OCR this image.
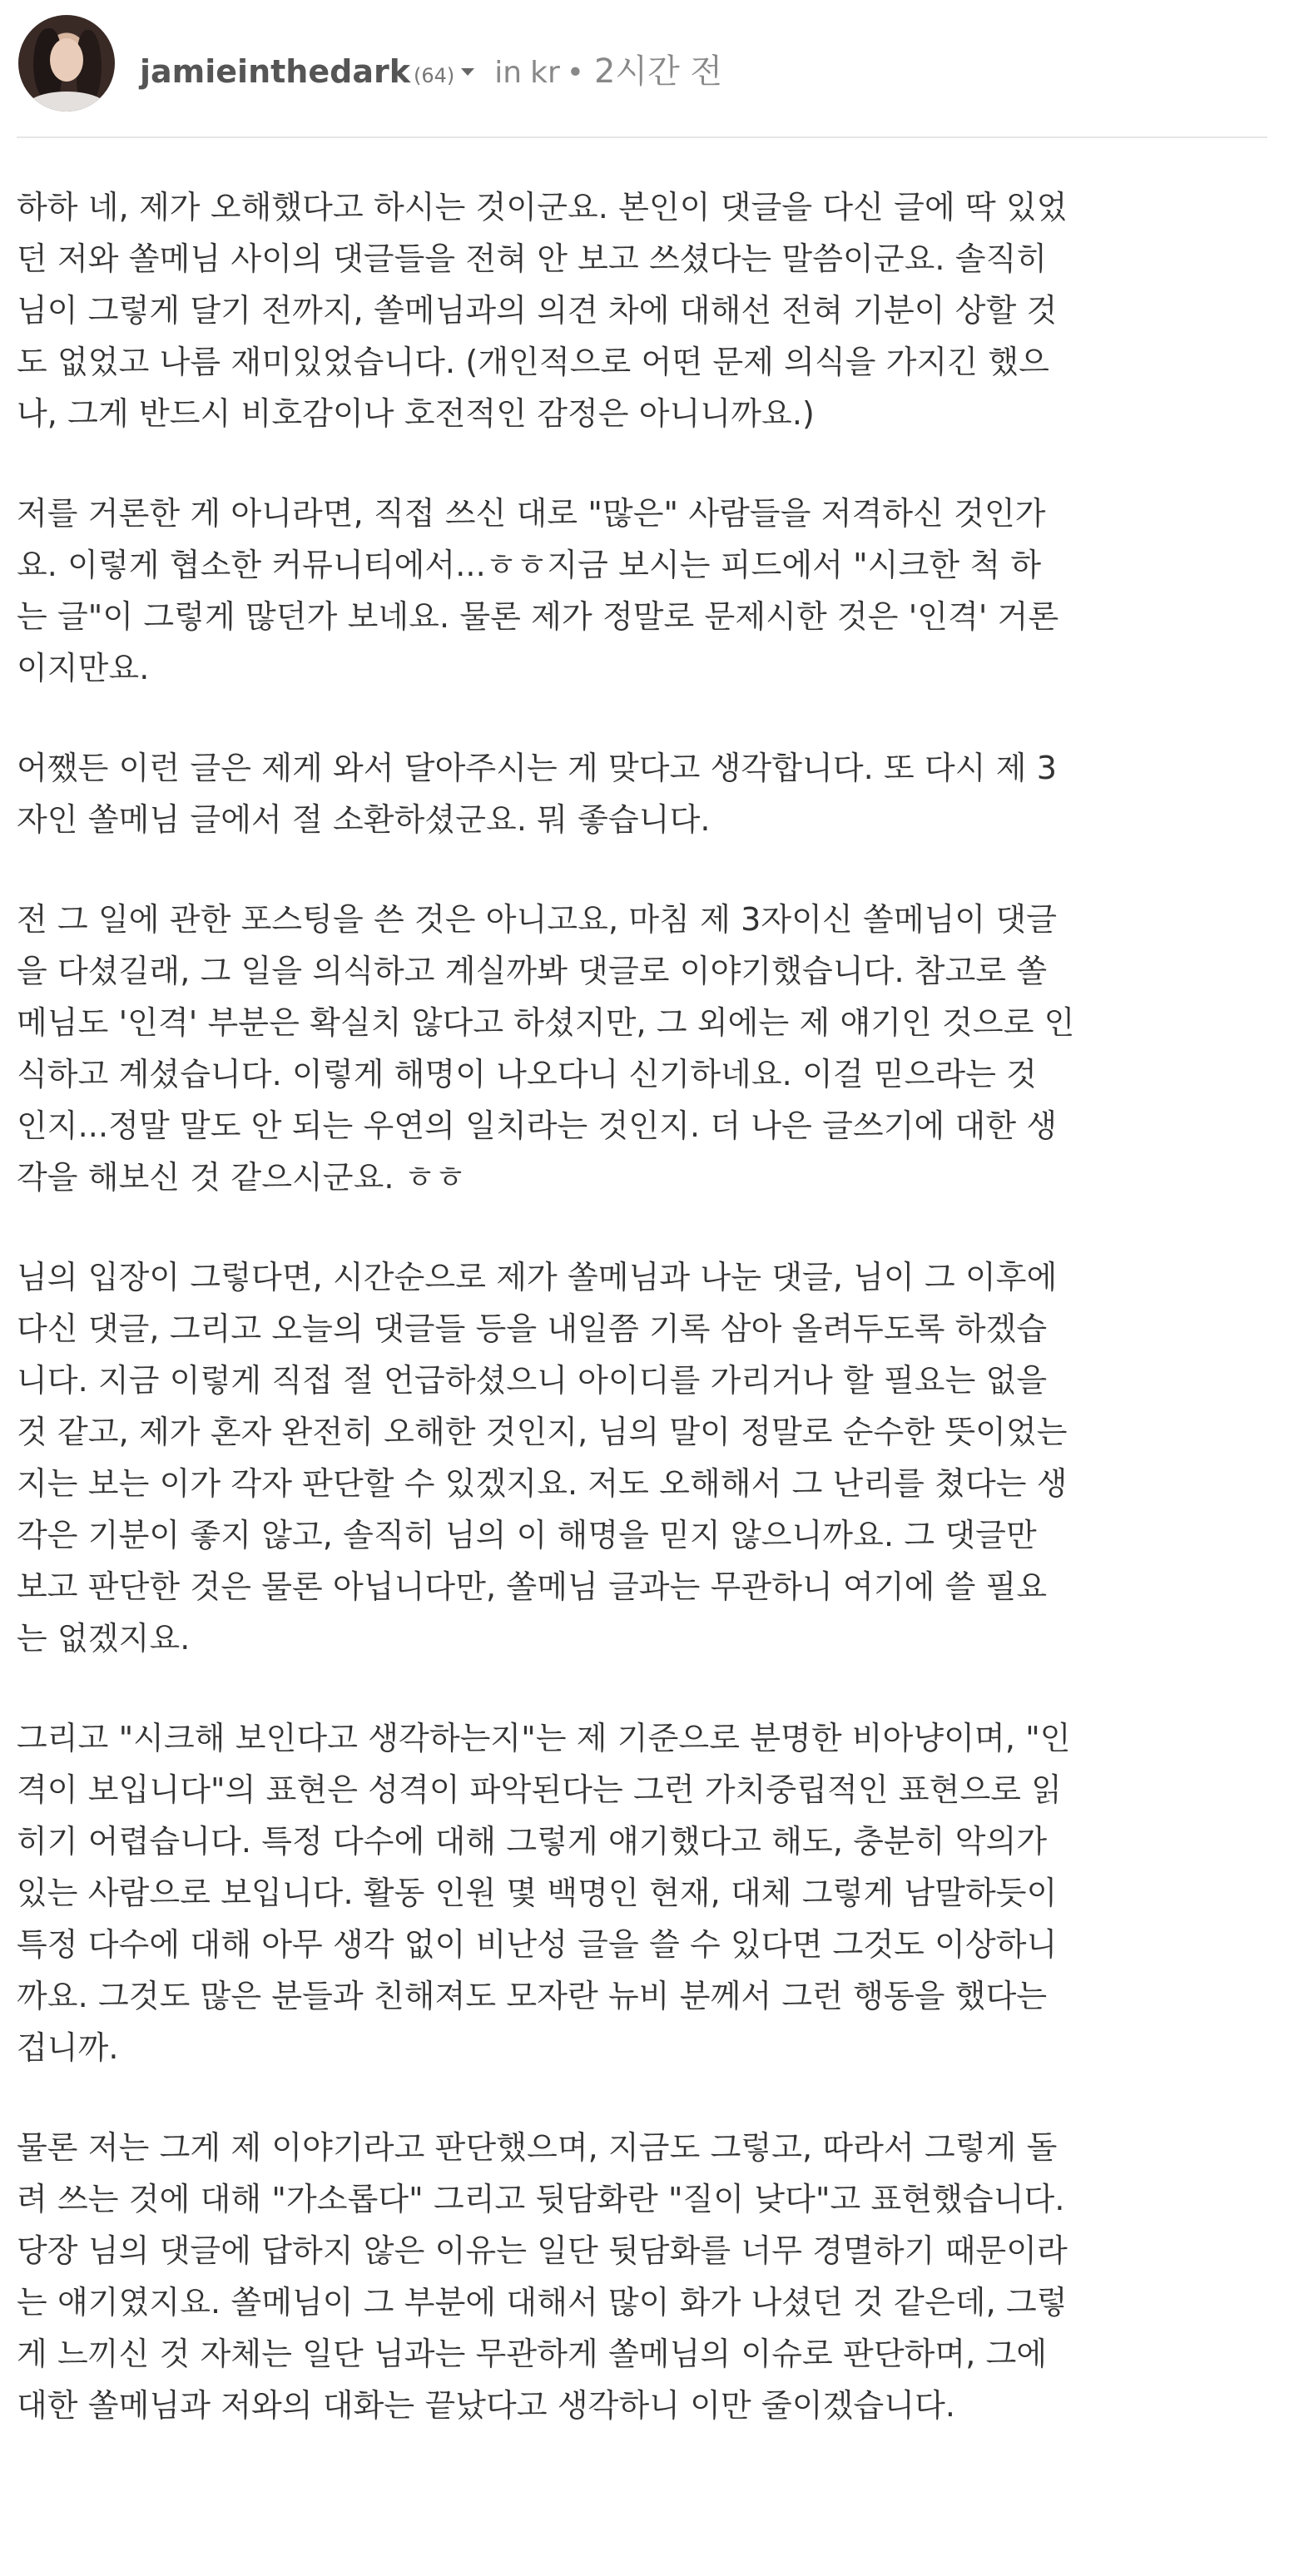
jamieinthedark (64) in kr • 2시간 전
하하 네, 제가 오해했다고 하시는 것이군요. 본인이 댓글을 다신 글에 딱 있었
던 저와 쏠메님 사이의 댓글들을 전혀 안 보고 쓰셨다는 말씀이군요. 솔직히
님이 그렇게 달기 전까지, 쏠메님과의 의견 차에 대해선 전혀 기분이 상할 것
도 없었고 나름 재미있었습니다. (개인적으로 어떤 문제 의식을 가지긴 했으
나, 그게 반드시 비호감이나 호전적인 감정은 아니니까요.)
저를 거론한 게 아니라면, 직접 쓰신 대로 "많은" 사람들을 저격하신 것인가
요. 이렇게 협소한 커뮤니티에서...ㅎㅎ지금 보시는 피드에서 "시크한 척 하
는 글"이 그렇게 많던가 보네요. 물론 제가 정말로 문제시한 것은 '인격' 거론
이지만요.
어쨌든 이런 글은 제게 와서 달아주시는 게 맞다고 생각합니다. 또 다시 제 3
자인 쏠메님 글에서 절 소환하셨군요. 뭐 좋습니다.
전 그 일에 관한 포스팅을 쓴 것은 아니고요, 마침 제 3자이신 쏠메님이 댓글
을 다셨길래, 그 일을 의식하고 계실까봐 댓글로 이야기했습니다. 참고로 쏠
메님도 '인격' 부분은 확실치 않다고 하셨지만, 그 외에는 제 얘기인 것으로 인
식하고 계셨습니다. 이렇게 해명이 나오다니 신기하네요. 이걸 믿으라는 것
인지...정말 말도 안 되는 우연의 일치라는 것인지. 더 나은 글쓰기에 대한 생
각을 해보신 것 같으시군요. ㅎㅎ
님의 입장이 그렇다면, 시간순으로 제가 쏠메님과 나눈 댓글, 님이 그 이후에
다신 댓글, 그리고 오늘의 댓글들 등을 내일쯤 기록 삼아 올려두도록 하겠습
니다. 지금 이렇게 직접 절 언급하셨으니 아이디를 가리거나 할 필요는 없을
것 같고, 제가 혼자 완전히 오해한 것인지, 님의 말이 정말로 순수한 뜻이었는
지는 보는 이가 각자 판단할 수 있겠지요. 저도 오해해서 그 난리를 쳤다는 생
각은 기분이 좋지 않고, 솔직히 님의 이 해명을 믿지 않으니까요. 그 댓글만
보고 판단한 것은 물론 아닙니다만, 쏠메님 글과는 무관하니 여기에 쓸 필요
는 없겠지요.
그리고 "시크해 보인다고 생각하는지"는 제 기준으로 분명한 비아냥이며, "인
격이 보입니다"의 표현은 성격이 파악된다는 그런 가치중립적인 표현으로 읽
히기 어렵습니다. 특정 다수에 대해 그렇게 얘기했다고 해도, 충분히 악의가
있는 사람으로 보입니다. 활동 인원 몇 백명인 현재, 대체 그렇게 남말하듯이
특정 다수에 대해 아무 생각 없이 비난성 글을 쓸 수 있다면 그것도 이상하니
까요. 그것도 많은 분들과 친해져도 모자란 뉴비 분께서 그런 행동을 했다는
겁니까.
물론 저는 그게 제 이야기라고 판단했으며, 지금도 그렇고, 따라서 그렇게 돌
려 쓰는 것에 대해 "가소롭다" 그리고 뒷담화란 "질이 낮다"고 표현했습니다.
당장 님의 댓글에 답하지 않은 이유는 일단 뒷담화를 너무 경멸하기 때문이라
는 얘기였지요. 쏠메님이 그 부분에 대해서 많이 화가 나셨던 것 같은데, 그렇
게 느끼신 것 자체는 일단 님과는 무관하게 쏠메님의 이슈로 판단하며, 그에
대한 쏠메님과 저와의 대화는 끝났다고 생각하니 이만 줄이겠습니다.
